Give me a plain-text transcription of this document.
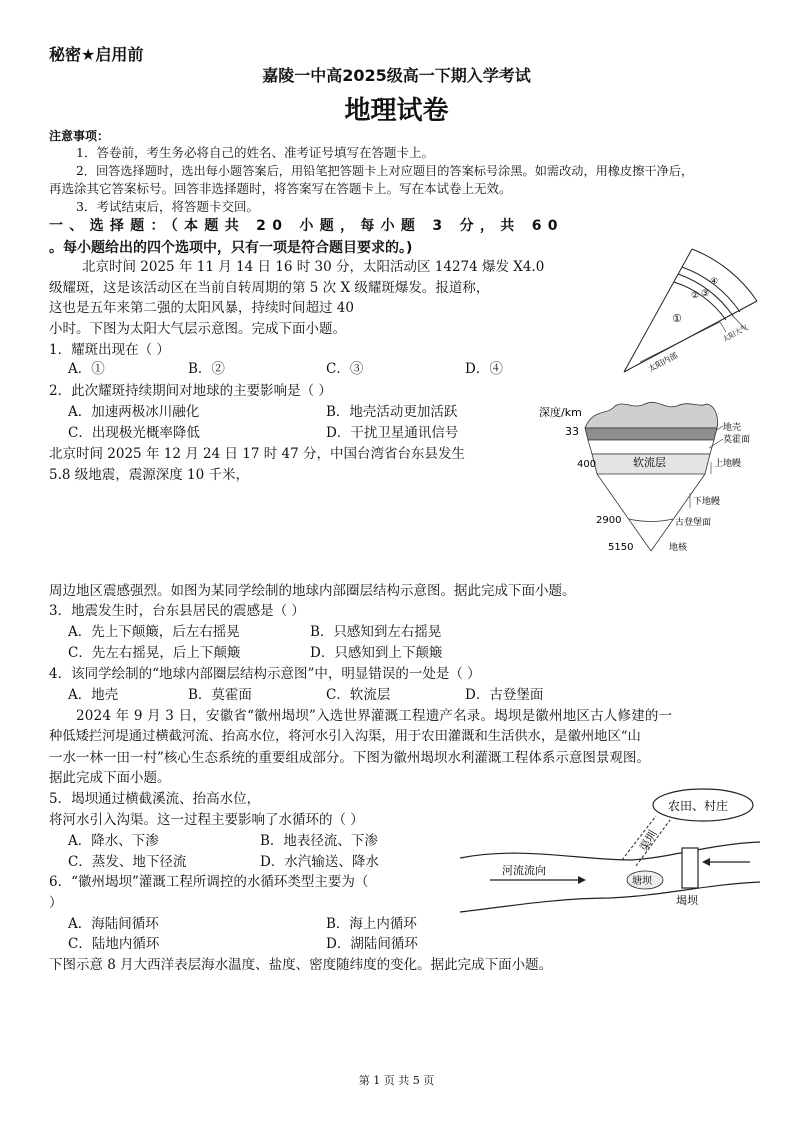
秘密★启用前
嘉陵一中高2025级高一下期入学考试
地理试卷
注意事项：
1．答卷前，考生务必将自己的姓名、准考证号填写在答题卡上。
2．回答选择题时，选出每小题答案后，用铅笔把答题卡上对应题目的答案标号涂黑。如需改动，用橡皮擦干净后，
再选涂其它答案标号。回答非选择题时，将答案写在答题卡上。写在本试卷上无效。
3．考试结束后，将答题卡交回。
一、选择题：（本题共 20 小题，每小题 3 分，共 60
。每小题给出的四个选项中，只有一项是符合题目要求的。)
北京时间 2025 年 11 月 14 日 16 时 30 分，太阳活动区 14274 爆发 X4.0
级耀斑，这是该活动区在当前自转周期的第 5 次 X 级耀斑爆发。报道称，
这也是五年来第二强的太阳风暴，持续时间超过 40
小时。下图为太阳大气层示意图。完成下面小题。
1．耀斑出现在（ ）
A．①	B．②	C．③	D．④
2．此次耀斑持续期间对地球的主要影响是（ ）
A．加速两极冰川融化	B．地壳活动更加活跃
C．出现极光概率降低	D．干扰卫星通讯信号
北京时间 2025 年 12 月 24 日 17 时 47 分，中国台湾省台东县发生
5.8 级地震，震源深度 10 千米，
周边地区震感强烈。如图为某同学绘制的地球内部圈层结构示意图。据此完成下面小题。
3．地震发生时，台东县居民的震感是（ ）
A．先上下颠簸，后左右摇晃	B．只感知到左右摇晃
C．先左右摇晃，后上下颠簸	D．只感知到上下颠簸
4．该同学绘制的“地球内部圈层结构示意图”中，明显错误的一处是（ ）
A．地壳	B．莫霍面	C．软流层	D．古登堡面
2024 年 9 月 3 日，安徽省“徽州堨坝”入选世界灌溉工程遗产名录。堨坝是徽州地区古人修建的一
种低矮拦河堤通过横截河流、抬高水位，将河水引入沟渠，用于农田灌溉和生活供水，是徽州地区“山
一水一林一田一村”核心生态系统的重要组成部分。下图为徽州堨坝水利灌溉工程体系示意图景观图。
据此完成下面小题。
5．堨坝通过横截溪流、抬高水位，
将河水引入沟渠。这一过程主要影响了水循环的（ ）
A．降水、下渗	B．地表径流、下渗
C．蒸发、地下径流	D．水汽输送、降水
6．“徽州堨坝”灌溉工程所调控的水循环类型主要为（
）
A．海陆间循环	B．海上内循环
C．陆地内循环	D．湖陆间循环
下图示意 8 月大西洋表层海水温度、盐度、密度随纬度的变化。据此完成下面小题。
第 1 页 共 5 页
①
② ③
④
太阳内部
太阳大气
深度/km
33
400
2900
5150
软流层
地壳
莫霍面
上地幔
下地幔
古登堡面
地核
农田、村庄
渠圳
堨坝
塘坝
河流流向
